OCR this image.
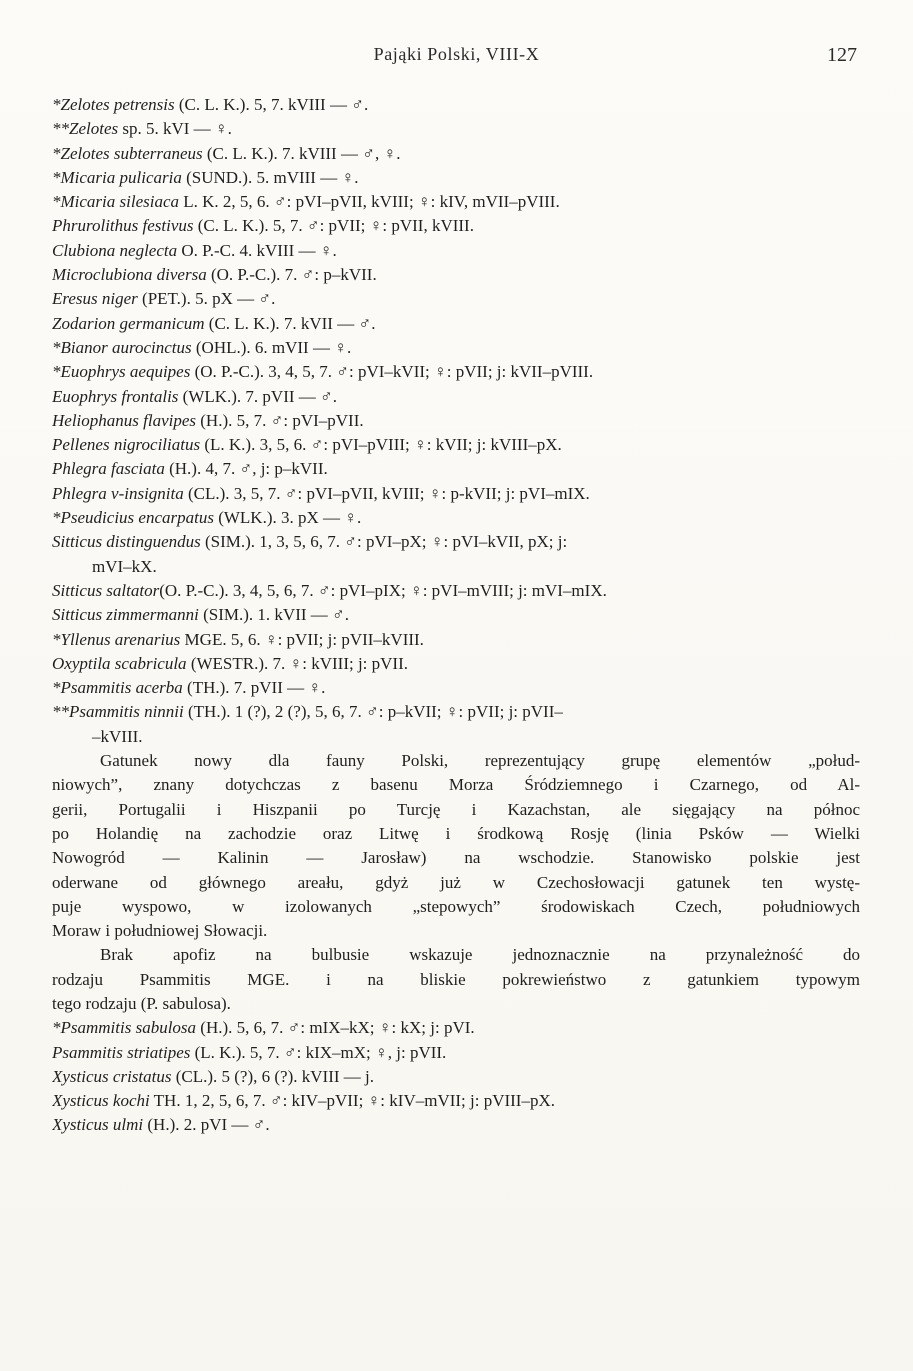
Pająki Polski, VIII-X	127
*Zelotes petrensis (C. L. K.). 5, 7. kVIII — ♂.
**Zelotes sp. 5. kVI — ♀.
*Zelotes subterraneus (C. L. K.). 7. kVIII — ♂, ♀.
*Micaria pulicaria (SUND.). 5. mVIII — ♀.
*Micaria silesiaca L. K. 2, 5, 6. ♂: pVI–pVII, kVIII; ♀: kIV, mVII–pVIII.
Phrurolithus festivus (C. L. K.). 5, 7. ♂: pVII; ♀: pVII, kVIII.
Clubiona neglecta O. P.-C. 4. kVIII — ♀.
Microclubiona diversa (O. P.-C.). 7. ♂: p–kVII.
Eresus niger (PET.). 5. pX — ♂.
Zodarion germanicum (C. L. K.). 7. kVII — ♂.
*Bianor aurocinctus (OHL.). 6. mVII — ♀.
*Euophrys aequipes (O. P.-C.). 3, 4, 5, 7. ♂: pVI–kVII; ♀: pVII; j: kVII–pVIII.
Euophrys frontalis (WLK.). 7. pVII — ♂.
Heliophanus flavipes (H.). 5, 7. ♂: pVI–pVII.
Pellenes nigrociliatus (L. K.). 3, 5, 6. ♂: pVI–pVIII; ♀: kVII; j: kVIII–pX.
Phlegra fasciata (H.). 4, 7. ♂, j: p–kVII.
Phlegra v-insignita (CL.). 3, 5, 7. ♂: pVI–pVII, kVIII; ♀: p-kVII; j: pVI–mIX.
*Pseudicius encarpatus (WLK.). 3. pX — ♀.
Sitticus distinguendus (SIM.). 1, 3, 5, 6, 7. ♂: pVI–pX; ♀: pVI–kVII, pX; j:
mVI–kX.
Sitticus saltator(O. P.-C.). 3, 4, 5, 6, 7. ♂: pVI–pIX; ♀: pVI–mVIII; j: mVI–mIX.
Sitticus zimmermanni (SIM.). 1. kVII — ♂.
*Yllenus arenarius MGE. 5, 6. ♀: pVII; j: pVII–kVIII.
Oxyptila scabricula (WESTR.). 7. ♀: kVIII; j: pVII.
*Psammitis acerba (TH.). 7. pVII — ♀.
**Psammitis ninnii (TH.). 1 (?), 2 (?), 5, 6, 7. ♂: p–kVII; ♀: pVII; j: pVII–
–kVIII.
Gatunek nowy dla fauny Polski, reprezentujący grupę elementów „połud-
niowych”, znany dotychczas z basenu Morza Śródziemnego i Czarnego, od Al-
gerii, Portugalii i Hiszpanii po Turcję i Kazachstan, ale sięgający na północ
po Holandię na zachodzie oraz Litwę i środkową Rosję (linia Psków — Wielki
Nowogród — Kalinin — Jarosław) na wschodzie. Stanowisko polskie jest
oderwane od głównego areału, gdyż już w Czechosłowacji gatunek ten wystę-
puje wyspowo, w izolowanych „stepowych” środowiskach Czech, południowych
Moraw i południowej Słowacji.
Brak apofiz na bulbusie wskazuje jednoznacznie na przynależność do
rodzaju Psammitis MGE. i na bliskie pokrewieństwo z gatunkiem typowym
tego rodzaju (P. sabulosa).
*Psammitis sabulosa (H.). 5, 6, 7. ♂: mIX–kX; ♀: kX; j: pVI.
Psammitis striatipes (L. K.). 5, 7. ♂: kIX–mX; ♀, j: pVII.
Xysticus cristatus (CL.). 5 (?), 6 (?). kVIII — j.
Xysticus kochi TH. 1, 2, 5, 6, 7. ♂: kIV–pVII; ♀: kIV–mVII; j: pVIII–pX.
Xysticus ulmi (H.). 2. pVI — ♂.
